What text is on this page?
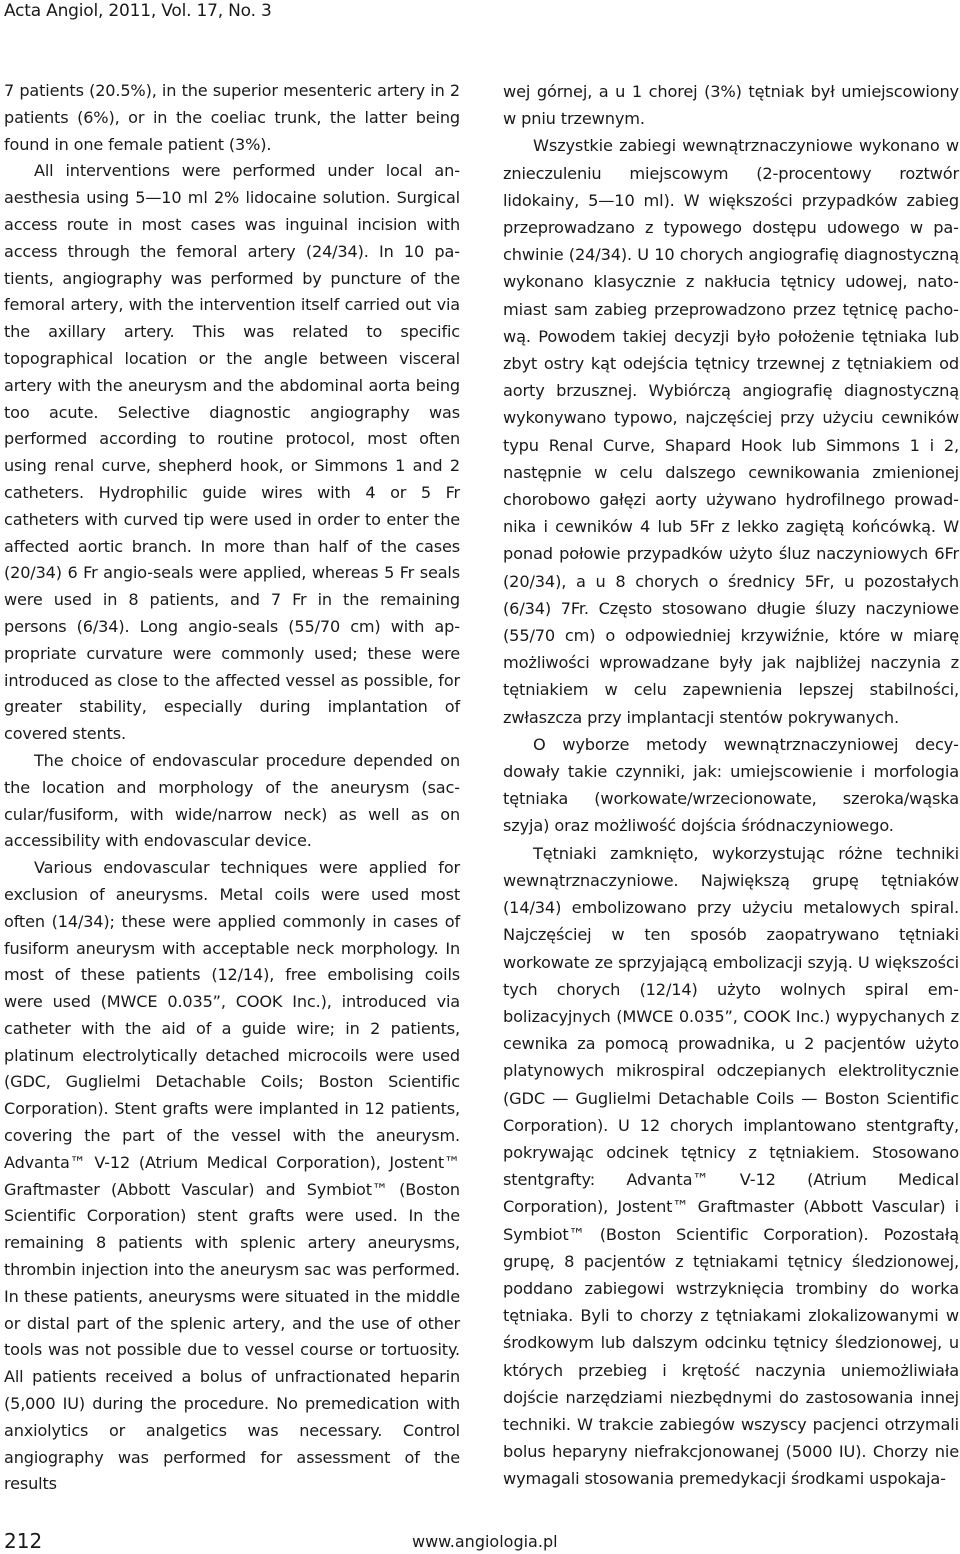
Acta Angiol, 2011, Vol. 17, No. 3

7 patients (20.5%), in the superior mesenteric artery in 2 patients (6%), or in the coeliac trunk, the latter being found in one female patient (3%).

All interventions were performed under local anaesthesia using 5—10 ml 2% lidocaine solution. Surgical access route in most cases was inguinal incision with access through the femoral artery (24/34). In 10 patients, angiography was performed by puncture of the femoral artery, with the intervention itself carried out via the axillary artery. This was related to specific topographical location or the angle between visceral artery with the aneurysm and the abdominal aorta being too acute. Selective diagnostic angiography was performed according to routine protocol, most often using renal curve, shepherd hook, or Simmons 1 and 2 catheters. Hydrophilic guide wires with 4 or 5 Fr catheters with curved tip were used in order to enter the affected aortic branch. In more than half of the cases (20/34) 6 Fr angio-seals were applied, whereas 5 Fr seals were used in 8 patients, and 7 Fr in the remaining persons (6/34). Long angio-seals (55/70 cm) with appropriate curvature were commonly used; these were introduced as close to the affected vessel as possible, for greater stability, especially during implantation of covered stents.

The choice of endovascular procedure depended on the location and morphology of the aneurysm (saccular/fusiform, with wide/narrow neck) as well as on accessibility with endovascular device.

Various endovascular techniques were applied for exclusion of aneurysms. Metal coils were used most often (14/34); these were applied commonly in cases of fusiform aneurysm with acceptable neck morphology. In most of these patients (12/14), free embolising coils were used (MWCE 0.035”, COOK Inc.), introduced via catheter with the aid of a guide wire; in 2 patients, platinum electrolytically detached microcoils were used (GDC, Guglielmi Detachable Coils; Boston Scientific Corporation). Stent grafts were implanted in 12 patients, covering the part of the vessel with the aneurysm. Advanta™ V-12 (Atrium Medical Corporation), Jostent™ Graftmaster (Abbott Vascular) and Symbiot™ (Boston Scientific Corporation) stent grafts were used. In the remaining 8 patients with splenic artery aneurysms, thrombin injection into the aneurysm sac was performed. In these patients, aneurysms were situated in the middle or distal part of the splenic artery, and the use of other tools was not possible due to vessel course or tortuosity. All patients received a bolus of unfractionated heparin (5,000 IU) during the procedure. No premedication with anxiolytics or analgetics was necessary. Control angiography was performed for assessment of the results

wej górnej, a u 1 chorej (3%) tętniak był umiejscowiony w pniu trzewnym.

Wszystkie zabiegi wewnątrznaczyniowe wykonano w znieczuleniu miejscowym (2-procentowy roztwór lidokainy, 5—10 ml). W większości przypadków zabieg przeprowadzano z typowego dostępu udowego w pachwinie (24/34). U 10 chorych angiografię diagnostyczną wykonano klasycznie z nakłucia tętnicy udowej, natomiast sam zabieg przeprowadzono przez tętnicę pachową. Powodem takiej decyzji było położenie tętniaka lub zbyt ostry kąt odejścia tętnicy trzewnej z tętniakiem od aorty brzusznej. Wybiórczą angiografię diagnostyczną wykonywano typowo, najczęściej przy użyciu cewników typu Renal Curve, Shapard Hook lub Simmons 1 i 2, następnie w celu dalszego cewnikowania zmienionej chorobowo gałęzi aorty używano hydrofilnego prowadnika i cewników 4 lub 5Fr z lekko zagiętą końcówką. W ponad połowie przypadków użyto śluz naczyniowych 6Fr (20/34), a u 8 chorych o średnicy 5Fr, u pozostałych (6/34) 7Fr. Często stosowano długie śluzy naczyniowe (55/70 cm) o odpowiedniej krzywiźnie, które w miarę możliwości wprowadzane były jak najbliżej naczynia z tętniakiem w celu zapewnienia lepszej stabilności, zwłaszcza przy implantacji stentów pokrywanych.

O wyborze metody wewnątrznaczyniowej decydowały takie czynniki, jak: umiejscowienie i morfologia tętniaka (workowate/wrzecionowate, szeroka/wąska szyja) oraz możliwość dojścia śródnaczyniowego.

Tętniaki zamknięto, wykorzystując różne techniki wewnątrznaczyniowe. Największą grupę tętniaków (14/34) embolizowano przy użyciu metalowych spiral. Najczęściej w ten sposób zaopatrywano tętniaki workowate ze sprzyjającą embolizacji szyją. U większości tych chorych (12/14) użyto wolnych spiral embolizacyjnych (MWCE 0.035”, COOK Inc.) wypychanych z cewnika za pomocą prowadnika, u 2 pacjentów użyto platynowych mikrospiral odczepianych elektrolitycznie (GDC — Guglielmi Detachable Coils — Boston Scientific Corporation). U 12 chorych implantowano stentgrafty, pokrywając odcinek tętnicy z tętniakiem. Stosowano stentgrafty: Advanta™ V-12 (Atrium Medical Corporation), Jostent™ Graftmaster (Abbott Vascular) i Symbiot™ (Boston Scientific Corporation). Pozostałą grupę, 8 pacjentów z tętniakami tętnicy śledzionowej, poddano zabiegowi wstrzyknięcia trombiny do worka tętniaka. Byli to chorzy z tętniakami zlokalizowanymi w środkowym lub dalszym odcinku tętnicy śledzionowej, u których przebieg i krętość naczynia uniemożliwiała dojście narzędziami niezbędnymi do zastosowania innej techniki. W trakcie zabiegów wszyscy pacjenci otrzymali bolus heparyny niefrakcjonowanej (5000 IU). Chorzy nie wymagali stosowania premedykacji środkami uspokaja-

212	www.angiologia.pl
